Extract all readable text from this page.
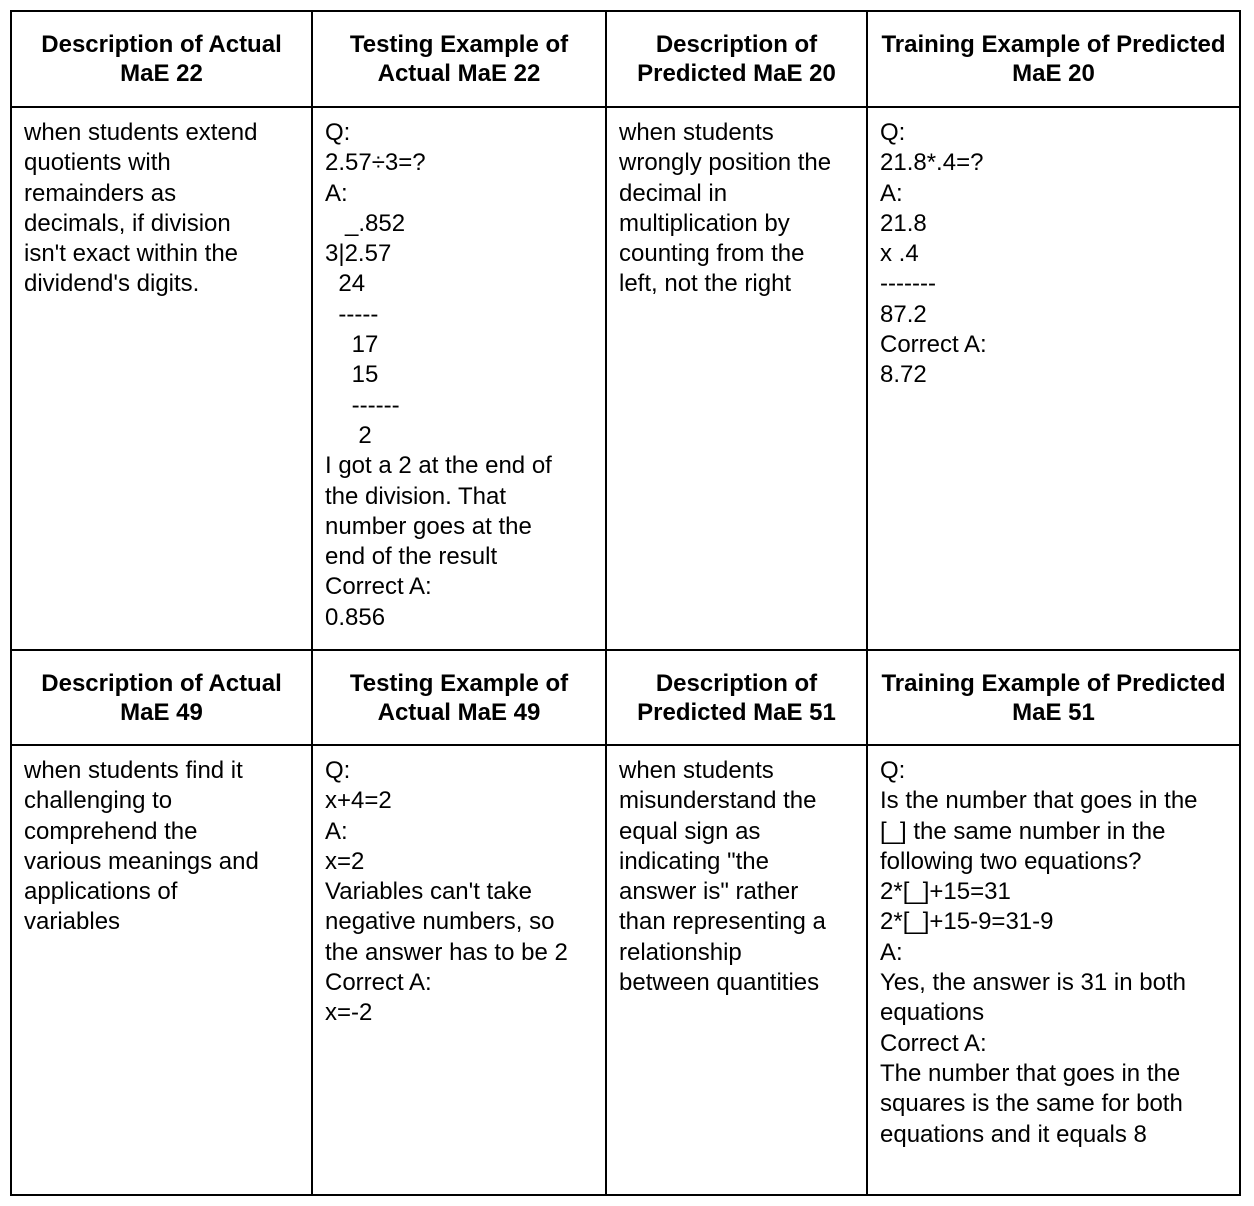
Description of Actual MaE 22
Testing Example of Actual MaE 22
Description of Predicted MaE 20
Training Example of Predicted MaE 20
when students extend
quotients with
remainders as
decimals, if division
isn't exact within the
dividend's digits.
Q:
2.57÷3=?
A:
_.852
3|2.57
24
-----
17
15
------
2
I got a 2 at the end of
the division. That
number goes at the
end of the result
Correct A:
0.856
when students
wrongly position the
decimal in
multiplication by
counting from the
left, not the right
Q:
21.8*.4=?
A:
21.8
x .4
-------
87.2
Correct A:
8.72
Description of Actual MaE 49
Testing Example of Actual MaE 49
Description of Predicted MaE 51
Training Example of Predicted MaE 51
when students find it
challenging to
comprehend the
various meanings and
applications of
variables
Q:
x+4=2
A:
x=2
Variables can't take
negative numbers, so
the answer has to be 2
Correct A:
x=-2
when students
misunderstand the
equal sign as
indicating "the
answer is" rather
than representing a
relationship
between quantities
Q:
Is the number that goes in the
[_] the same number in the
following two equations?
2*[_]+15=31
2*[_]+15-9=31-9
A:
Yes, the answer is 31 in both
equations
Correct A:
The number that goes in the
squares is the same for both
equations and it equals 8
